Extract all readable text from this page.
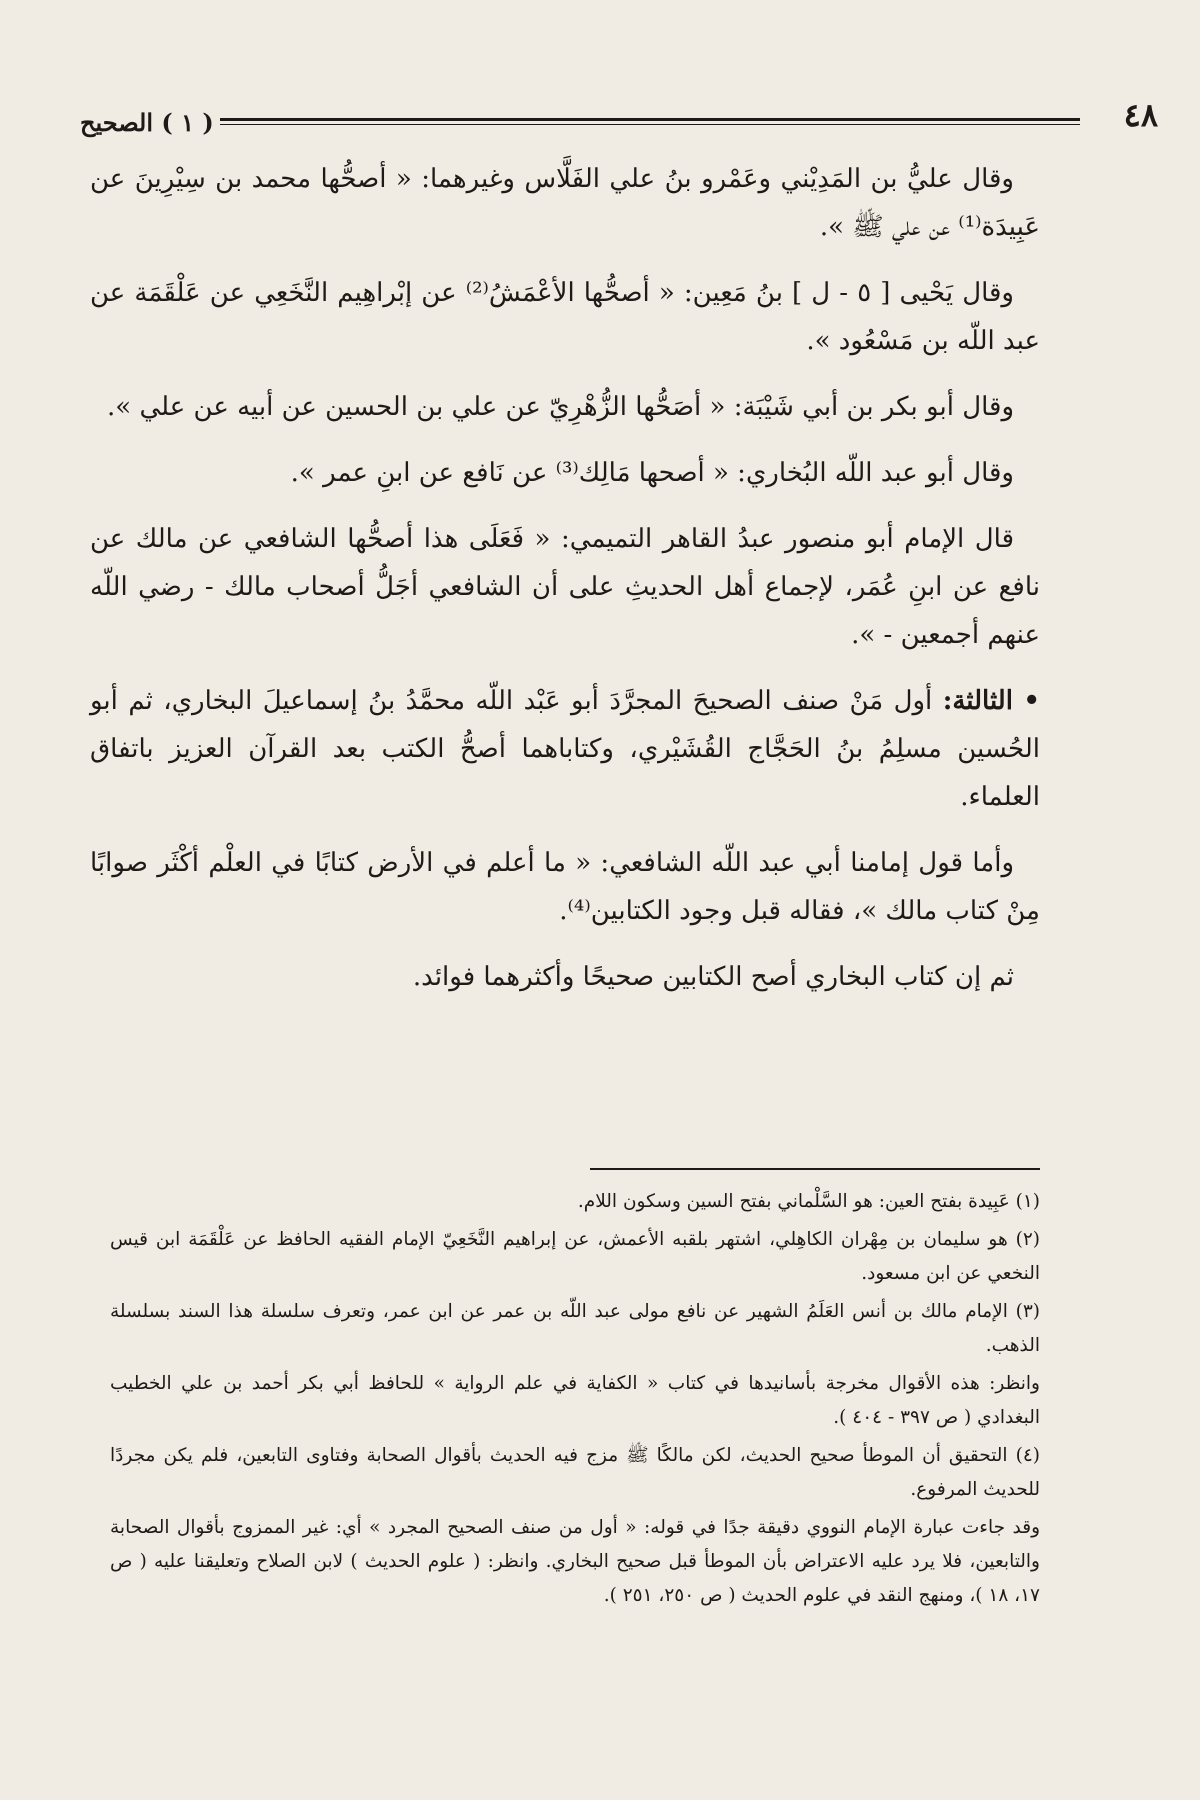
( ١ ) الصحيح	٤٨

وقال عليُّ بن المَدِيْني وعَمْرو بنُ علي الفَلَّاس وغيرهما: « أصحُّها محمد بن سِيْرِينَ عن عَبِيدَة⁽¹⁾ عن علي ﷺ ».

وقال يَحْيى [ ٥ - ل ] بنُ مَعِين: « أصحُّها الأعْمَشُ⁽²⁾ عن إبْراهِيم النَّخَعِي عن عَلْقَمَة عن عبد اللّه بن مَسْعُود ».

وقال أبو بكر بن أبي شَيْبَة: « أصَحُّها الزُّهْرِيّ عن علي بن الحسين عن أبيه عن علي ».

وقال أبو عبد اللّه البُخاري: « أصحها مَالِك⁽³⁾ عن نَافع عن ابنِ عمر ».

قال الإمام أبو منصور عبدُ القاهر التميمي: « فَعَلَى هذا أصحُّها الشافعي عن مالك عن نافع عن ابنِ عُمَر، لإجماع أهل الحديثِ على أن الشافعي أجَلُّ أصحاب مالك - رضي اللّه عنهم أجمعين - ».

• الثالثة: أول مَنْ صنف الصحيحَ المجرَّدَ أبو عَبْد اللّه محمَّدُ بنُ إسماعيلَ البخاري، ثم أبو الحُسين مسلِمُ بنُ الحَجَّاج القُشَيْري، وكتاباهما أصحُّ الكتب بعد القرآن العزيز باتفاق العلماء.

وأما قول إمامنا أبي عبد اللّه الشافعي: « ما أعلم في الأرض كتابًا في العلْم أكْثَر صوابًا مِنْ كتاب مالك »، فقاله قبل وجود الكتابين⁽⁴⁾.

ثم إن كتاب البخاري أصح الكتابين صحيحًا وأكثرهما فوائد.

(١) عَبِيدة بفتح العين: هو السَّلْماني بفتح السين وسكون اللام.

(٢) هو سليمان بن مِهْران الكاهِلي، اشتهر بلقبه الأعمش، عن إبراهيم النَّخَعِيّ الإمام الفقيه الحافظ عن عَلْقَمَة ابن قيس النخعي عن ابن مسعود.

(٣) الإمام مالك بن أنس العَلَمُ الشهير عن نافع مولى عبد اللّه بن عمر عن ابن عمر، وتعرف سلسلة هذا السند بسلسلة الذهب.

وانظر: هذه الأقوال مخرجة بأسانيدها في كتاب « الكفاية في علم الرواية » للحافظ أبي بكر أحمد بن علي الخطيب البغدادي ( ص ٣٩٧ - ٤٠٤ ).

(٤) التحقيق أن الموطأ صحيح الحديث، لكن مالكًا ﷺ مزج فيه الحديث بأقوال الصحابة وفتاوى التابعين، فلم يكن مجردًا للحديث المرفوع.

وقد جاءت عبارة الإمام النووي دقيقة جدًا في قوله: « أول من صنف الصحيح المجرد » أي: غير الممزوج بأقوال الصحابة والتابعين، فلا يرد عليه الاعتراض بأن الموطأ قبل صحيح البخاري. وانظر: ( علوم الحديث ) لابن الصلاح وتعليقنا عليه ( ص ١٧، ١٨ )، ومنهج النقد في علوم الحديث ( ص ٢٥٠، ٢٥١ ).
